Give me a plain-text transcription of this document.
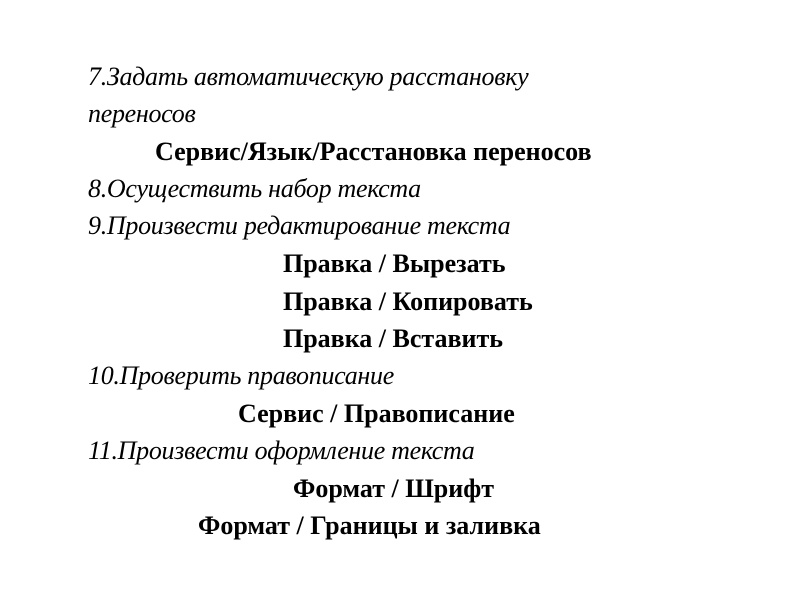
7.Задать автоматическую расстановку
переносов
Сервис/Язык/Расстановка переносов
8.Осуществить набор текста
9.Произвести редактирование текста
Правка / Вырезать
Правка / Копировать
Правка / Вставить
10.Проверить правописание
Сервис / Правописание
11.Произвести оформление текста
Формат / Шрифт
Формат / Границы и заливка
